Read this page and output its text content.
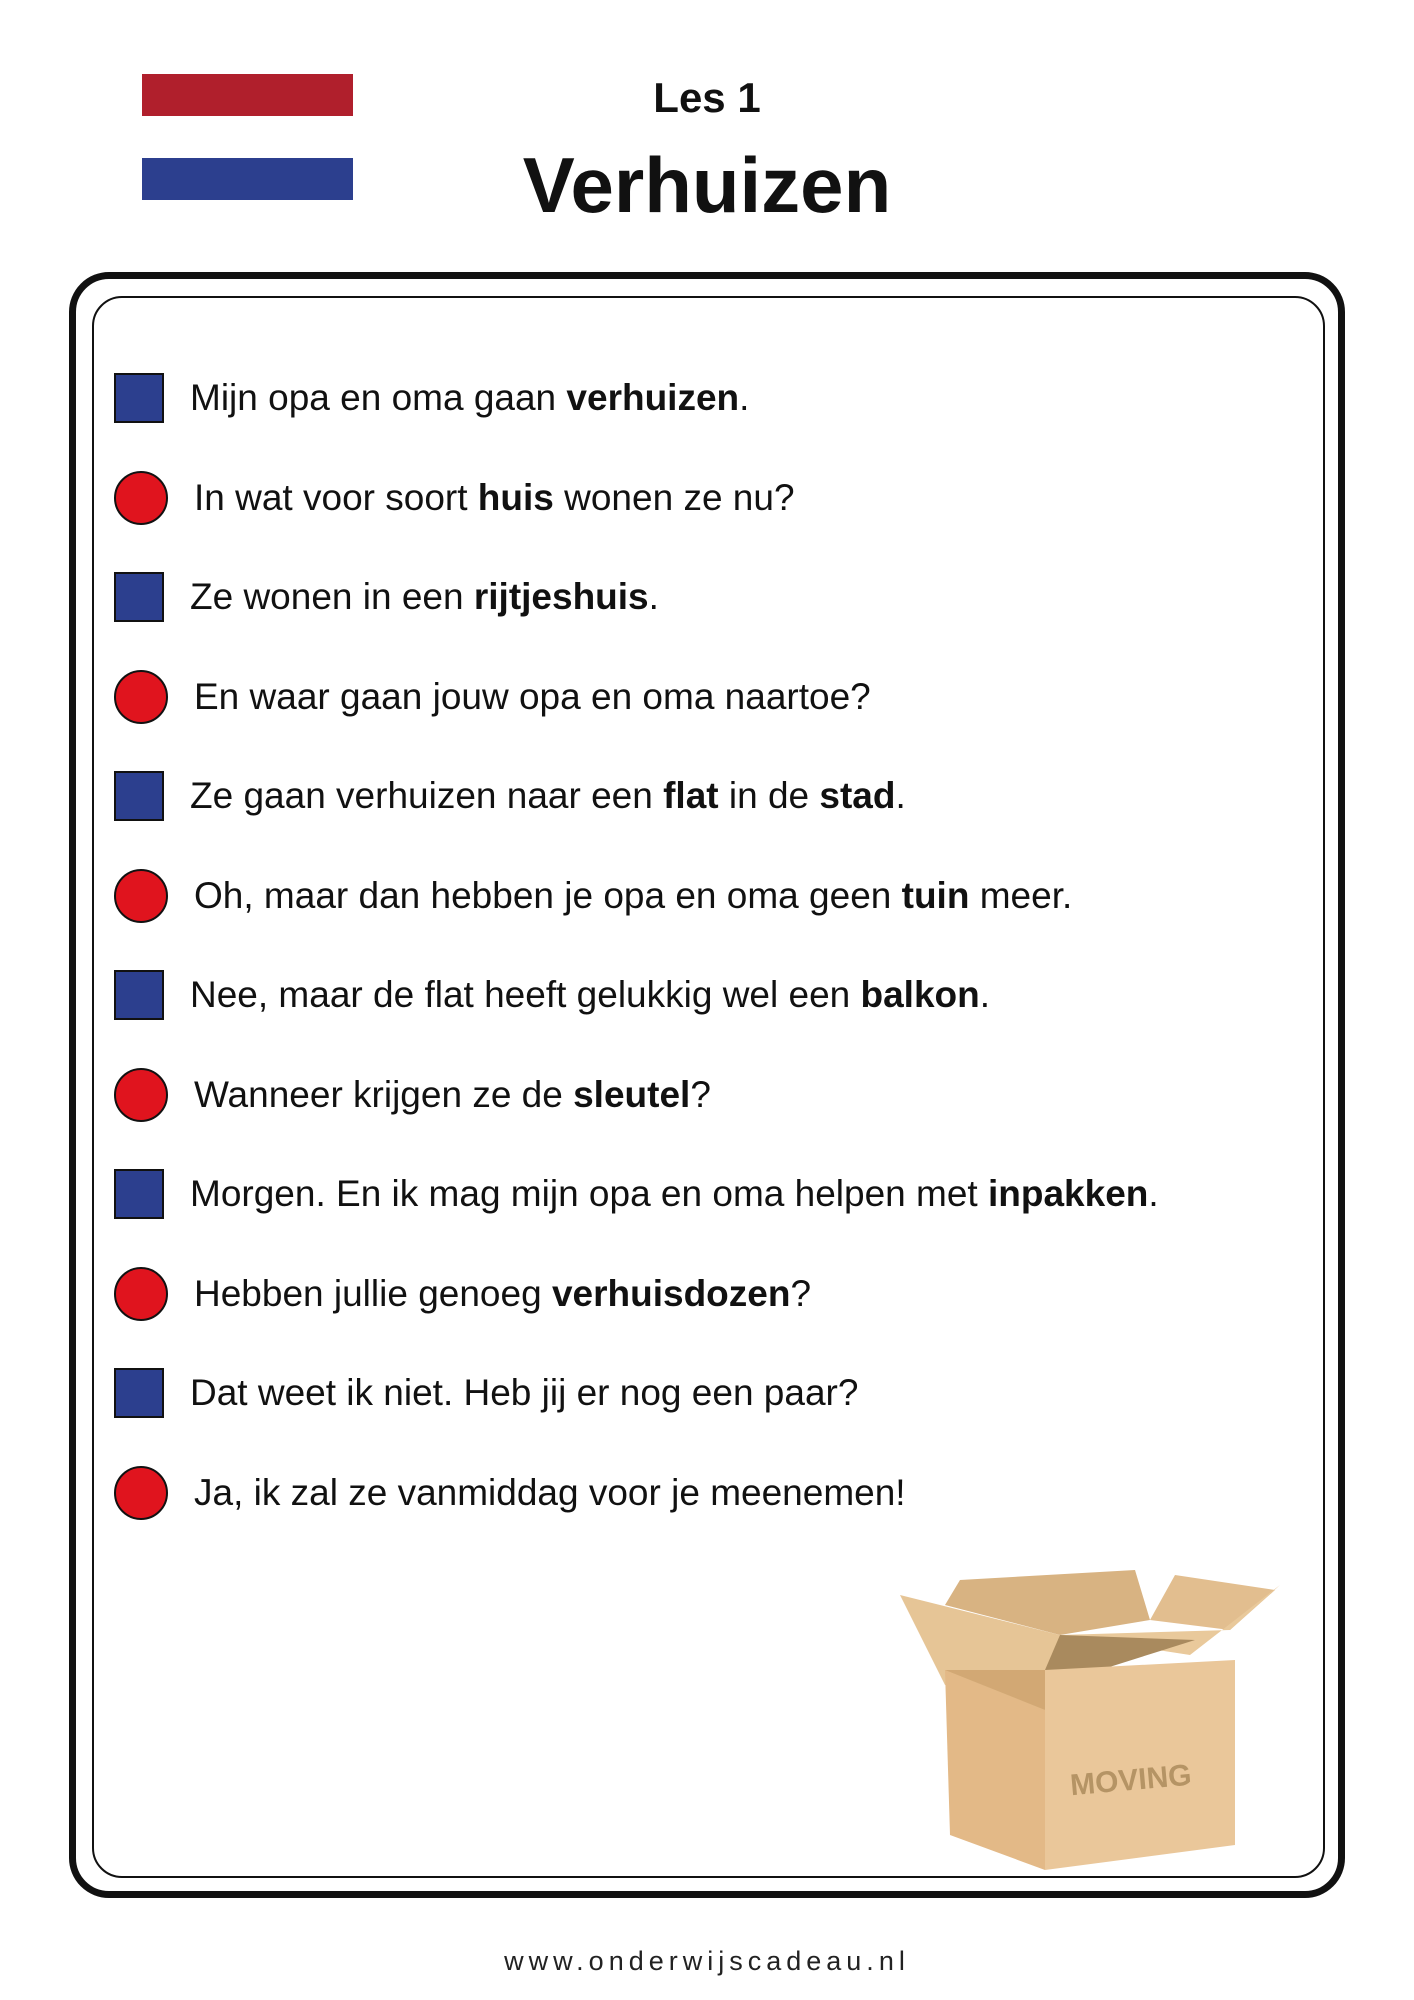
Les 1
Verhuizen
Mijn opa en oma gaan verhuizen.
In wat voor soort huis wonen ze nu?
Ze wonen in een rijtjeshuis.
En waar gaan jouw opa en oma naartoe?
Ze gaan verhuizen naar een flat in de stad.
Oh, maar dan hebben je opa en oma geen tuin meer.
Nee, maar de flat heeft gelukkig wel een balkon.
Wanneer krijgen ze de sleutel?
Morgen. En ik mag mijn opa en oma helpen met inpakken.
Hebben jullie genoeg verhuisdozen?
Dat weet ik niet. Heb jij er nog een paar?
Ja, ik zal ze vanmiddag voor je meenemen!
MOVING
www.onderwijscadeau.nl
